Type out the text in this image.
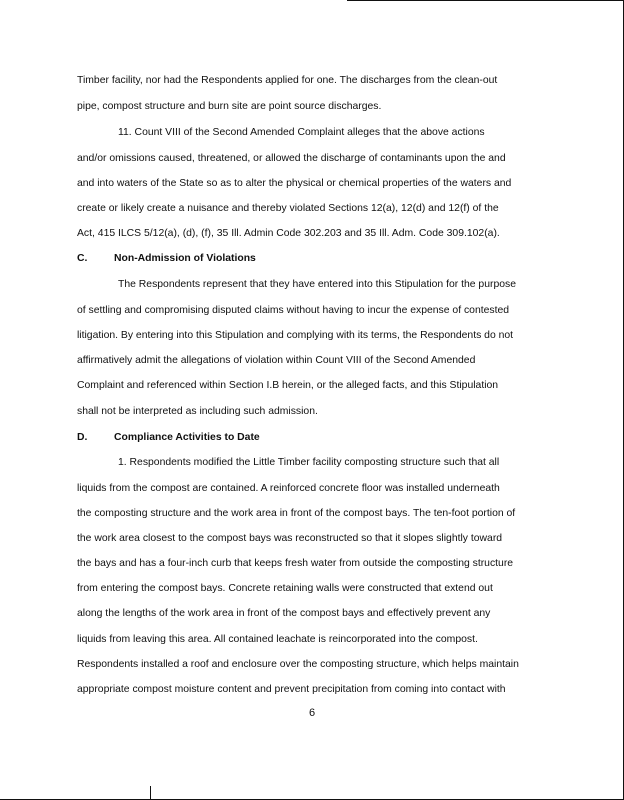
Timber facility, nor had the Respondents applied for one. The discharges from the clean-out
pipe, compost structure and burn site are point source discharges.
11. Count VIII of the Second Amended Complaint alleges that the above actions
and/or omissions caused, threatened, or allowed the discharge of contaminants upon the and
and into waters of the State so as to alter the physical or chemical properties of the waters and
create or likely create a nuisance and thereby violated Sections 12(a), 12(d) and 12(f) of the
Act, 415 ILCS 5/12(a), (d), (f), 35 Ill. Admin Code 302.203 and 35 Ill. Adm. Code 309.102(a).
C.	Non-Admission of Violations
The Respondents represent that they have entered into this Stipulation for the purpose
of settling and compromising disputed claims without having to incur the expense of contested
litigation. By entering into this Stipulation and complying with its terms, the Respondents do not
affirmatively admit the allegations of violation within Count VIII of the Second Amended
Complaint and referenced within Section I.B herein, or the alleged facts, and this Stipulation
shall not be interpreted as including such admission.
D.	Compliance Activities to Date
1. Respondents modified the Little Timber facility composting structure such that all
liquids from the compost are contained. A reinforced concrete floor was installed underneath
the composting structure and the work area in front of the compost bays. The ten-foot portion of
the work area closest to the compost bays was reconstructed so that it slopes slightly toward
the bays and has a four-inch curb that keeps fresh water from outside the composting structure
from entering the compost bays. Concrete retaining walls were constructed that extend out
along the lengths of the work area in front of the compost bays and effectively prevent any
liquids from leaving this area. All contained leachate is reincorporated into the compost.
Respondents installed a roof and enclosure over the composting structure, which helps maintain
appropriate compost moisture content and prevent precipitation from coming into contact with
6
